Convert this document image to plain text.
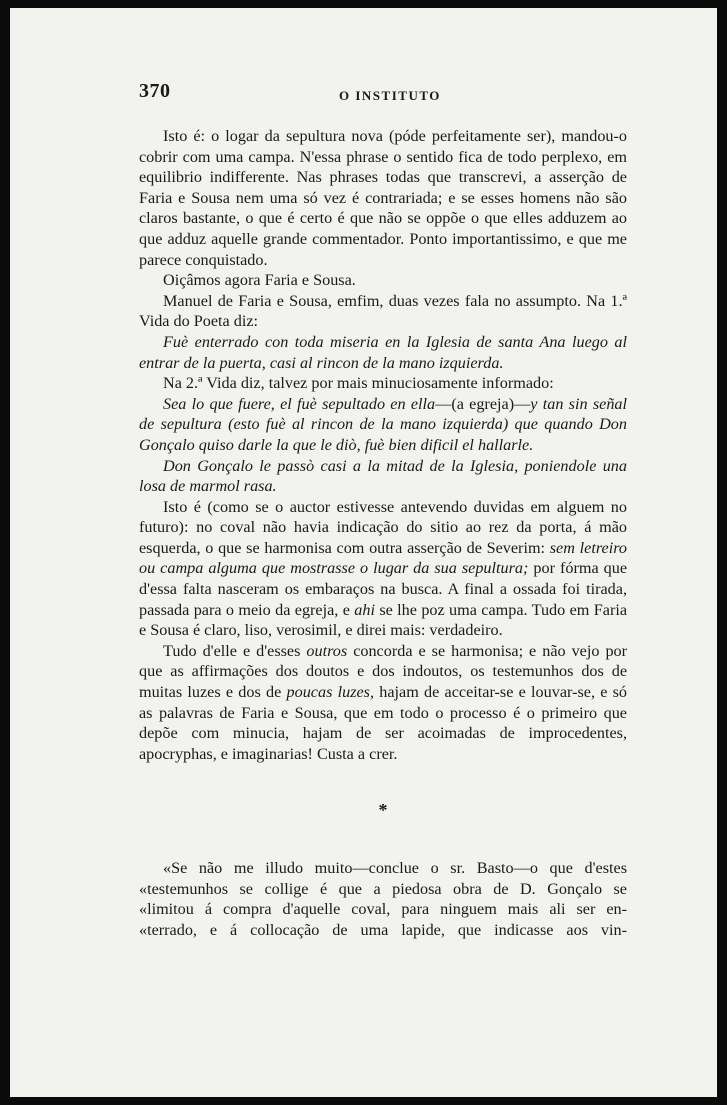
370	O INSTITUTO

Isto é: o logar da sepultura nova (póde perfeitamente ser), mandou-o cobrir com uma campa. N'essa phrase o sentido fica de todo perplexo, em equilibrio indifferente. Nas phrases todas que transcrevi, a asserção de Faria e Sousa nem uma só vez é contrariada; e se esses homens não são claros bastante, o que é certo é que não se oppõe o que elles adduzem ao que adduz aquelle grande commentador. Ponto importantissimo, e que me parece conquistado.

Oiçâmos agora Faria e Sousa.

Manuel de Faria e Sousa, emfim, duas vezes fala no assumpto. Na 1.ª Vida do Poeta diz:

Fuè enterrado con toda miseria en la Iglesia de santa Ana luego al entrar de la puerta, casi al rincon de la mano izquierda.

Na 2.ª Vida diz, talvez por mais minuciosamente informado:

Sea lo que fuere, el fuè sepultado en ella—(a egreja)—y tan sin señal de sepultura (esto fuè al rincon de la mano izquierda) que quando Don Gonçalo quiso darle la que le diò, fuè bien dificil el hallarle.

Don Gonçalo le passò casi a la mitad de la Iglesia, poniendole una losa de marmol rasa.

Isto é (como se o auctor estivesse antevendo duvidas em alguem no futuro): no coval não havia indicação do sitio ao rez da porta, á mão esquerda, o que se harmonisa com outra asserção de Severim: sem letreiro ou campa alguma que mostrasse o lugar da sua sepultura; por fórma que d'essa falta nasceram os embaraços na busca. A final a ossada foi tirada, passada para o meio da egreja, e ahi se lhe poz uma campa. Tudo em Faria e Sousa é claro, liso, verosimil, e direi mais: verdadeiro.

Tudo d'elle e d'esses outros concorda e se harmonisa; e não vejo por que as affirmações dos doutos e dos indoutos, os testemunhos dos de muitas luzes e dos de poucas luzes, hajam de acceitar-se e louvar-se, e só as palavras de Faria e Sousa, que em todo o processo é o primeiro que depõe com minucia, hajam de ser acoimadas de improcedentes, apocryphas, e imaginarias! Custa a crer.

*
«Se não me illudo muito—conclue o sr. Basto—o que d'estes
«testemunhos se collige é que a piedosa obra de D. Gonçalo se
«limitou á compra d'aquelle coval, para ninguem mais ali ser en-
«terrado, e á collocação de uma lapide, que indicasse aos vin-
